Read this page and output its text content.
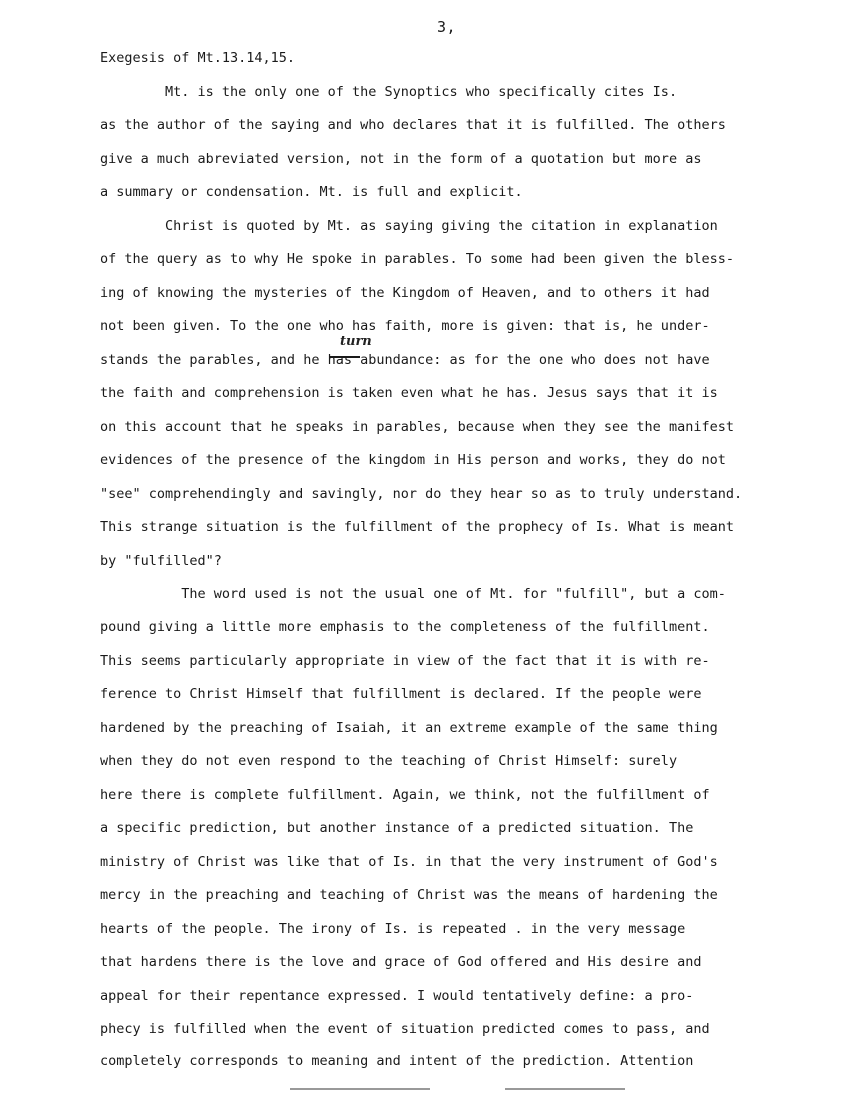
3,
Exegesis of Mt.13.14,15.
turn
Mt. is the only one of the Synoptics who specifically cites Is.
as the author of the saying and who declares that it is fulfilled. The others
give a much abreviated version, not in the form of a quotation but more as
a summary or condensation. Mt. is full and explicit.
Christ is quoted by Mt. as saying giving the citation in explanation
of the query as to why He spoke in parables. To some had been given the bless-
ing of knowing the mysteries of the Kingdom of Heaven, and to others it had
not been given. To the one who has faith, more is given: that is, he under-
stands the parables, and he has abundance: as for the one who does not have
the faith and comprehension is taken even what he has. Jesus says that it is
on this account that he speaks in parables, because when they see the manifest
evidences of the presence of the kingdom in His person and works, they do not
"see" comprehendingly and savingly, nor do they hear so as to truly understand.
This strange situation is the fulfillment of the prophecy of Is. What is meant
by "fulfilled"?
The word used is not the usual one of Mt. for "fulfill", but a com-
pound giving a little more emphasis to the completeness of the fulfillment.
This seems particularly appropriate in view of the fact that it is with re-
ference to Christ Himself that fulfillment is declared. If the people were
hardened by the preaching of Isaiah, it an extreme example of the same thing
when they do not even respond to the teaching of Christ Himself: surely
here there is complete fulfillment. Again, we think, not the fulfillment of
a specific prediction, but another instance of a predicted situation. The
ministry of Christ was like that of Is. in that the very instrument of God's
mercy in the preaching and teaching of Christ was the means of hardening the
hearts of the people. The irony of Is. is repeated . in the very message
that hardens there is the love and grace of God offered and His desire and
appeal for their repentance expressed. I would tentatively define: a pro-
phecy is fulfilled when the event of situation predicted comes to pass, and
completely corresponds to meaning and intent of the prediction. Attention
